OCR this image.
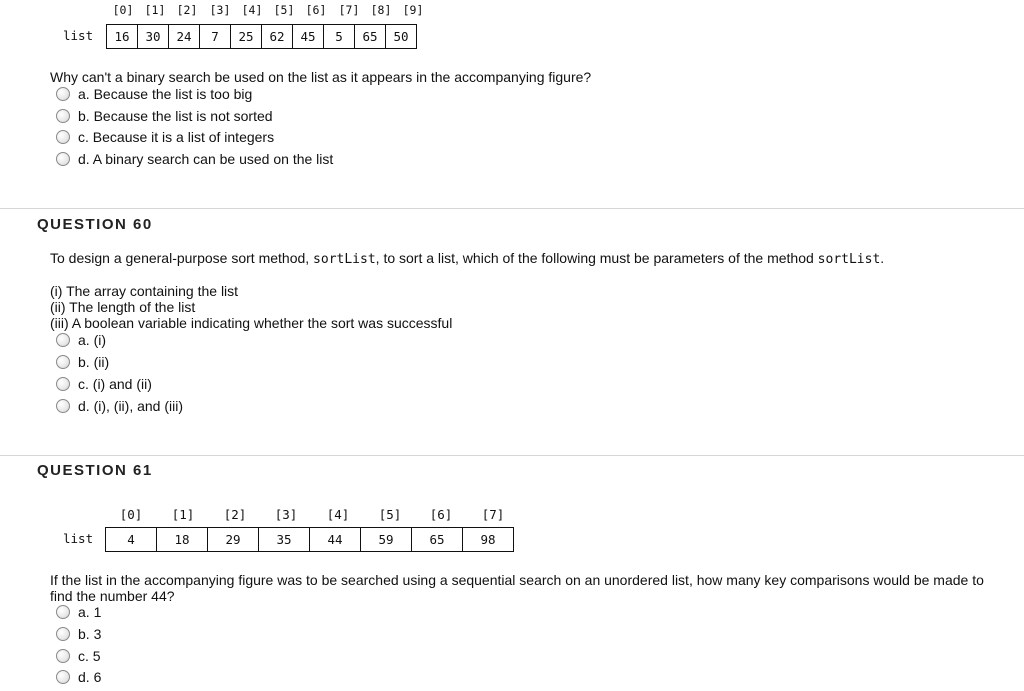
[0] [1] [2]	[3] [4] [5] [6]	[7] [8] [9]
list 16	30	24	7	25	62	45	5	65	50
Why can't a binary search be used on the list as it appears in the accompanying figure?
a. Because the list is too big
b. Because the list is not sorted
c. Because it is a list of integers
d. A binary search can be used on the list
QUESTION 60
To design a general-purpose sort method, sortList, to sort a list, which of the following must be parameters of the method sortList.
(i) The array containing the list
(ii) The length of the list
(iii) A boolean variable indicating whether the sort was successful
a. (i)
b. (ii)
c. (i) and (ii)
d. (i), (ii), and (iii)
QUESTION 61
[0]	[1]	[2]	[3]	[4]	[5]	[6]	[7]
list	4	18	29	35	44	59	65	98
If the list in the accompanying figure was to be searched using a sequential search on an unordered list, how many key comparisons would be made to find the number 44?
a. 1
b. 3
c. 5
d. 6
